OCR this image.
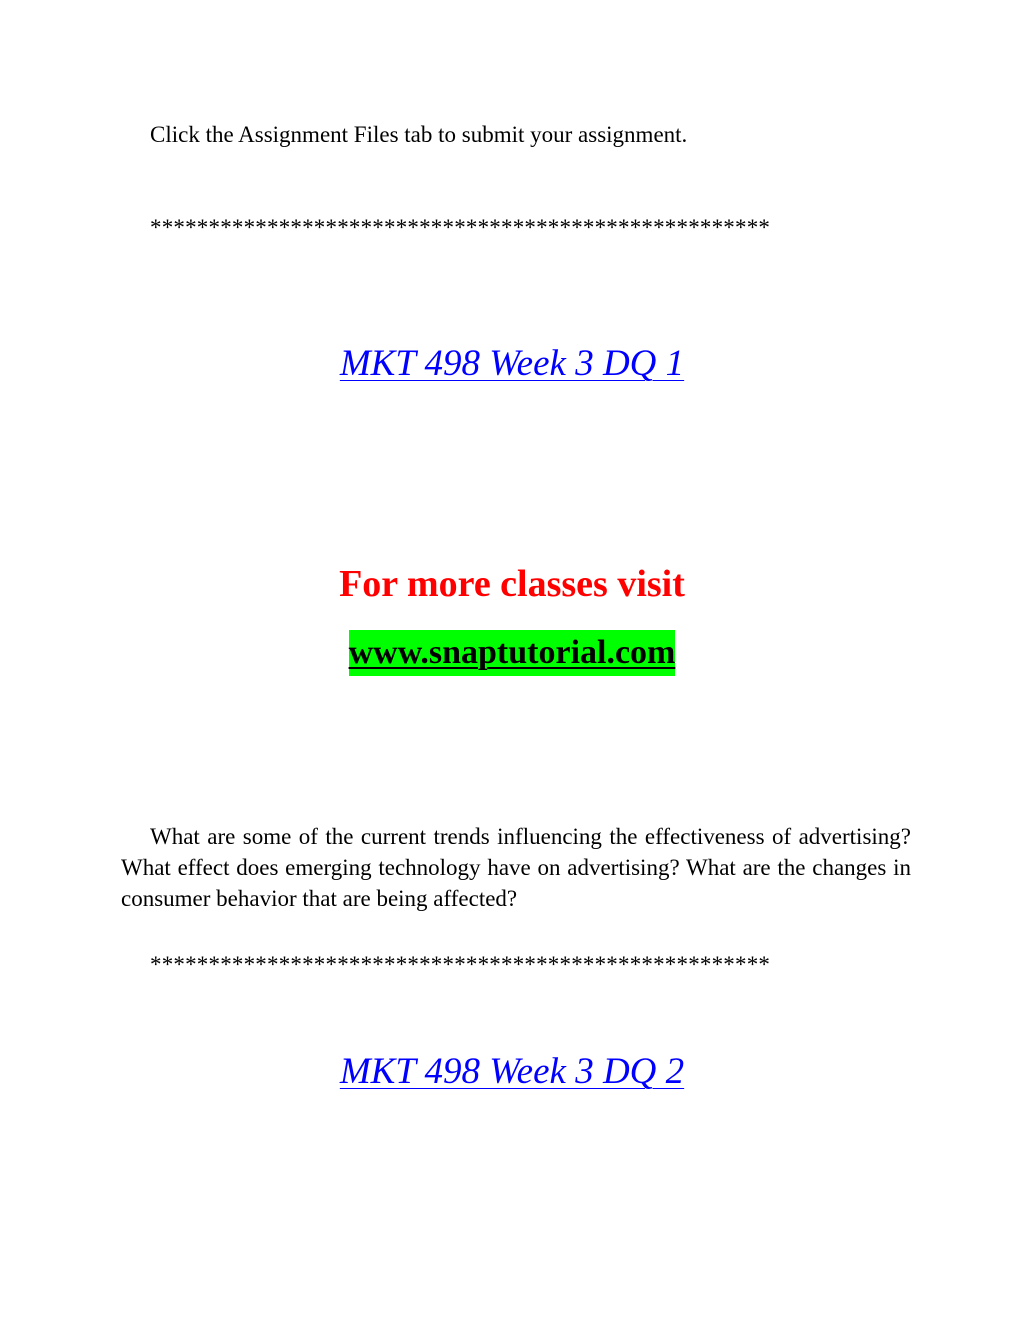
Click the Assignment Files tab to submit your assignment.
*****************************************************
MKT 498 Week 3 DQ 1
For more classes visit
www.snaptutorial.com

What are some of the current trends influencing the effectiveness of advertising? What effect does emerging technology have on advertising? What are the changes in consumer behavior that are being affected?

*****************************************************
MKT 498 Week 3 DQ 2
